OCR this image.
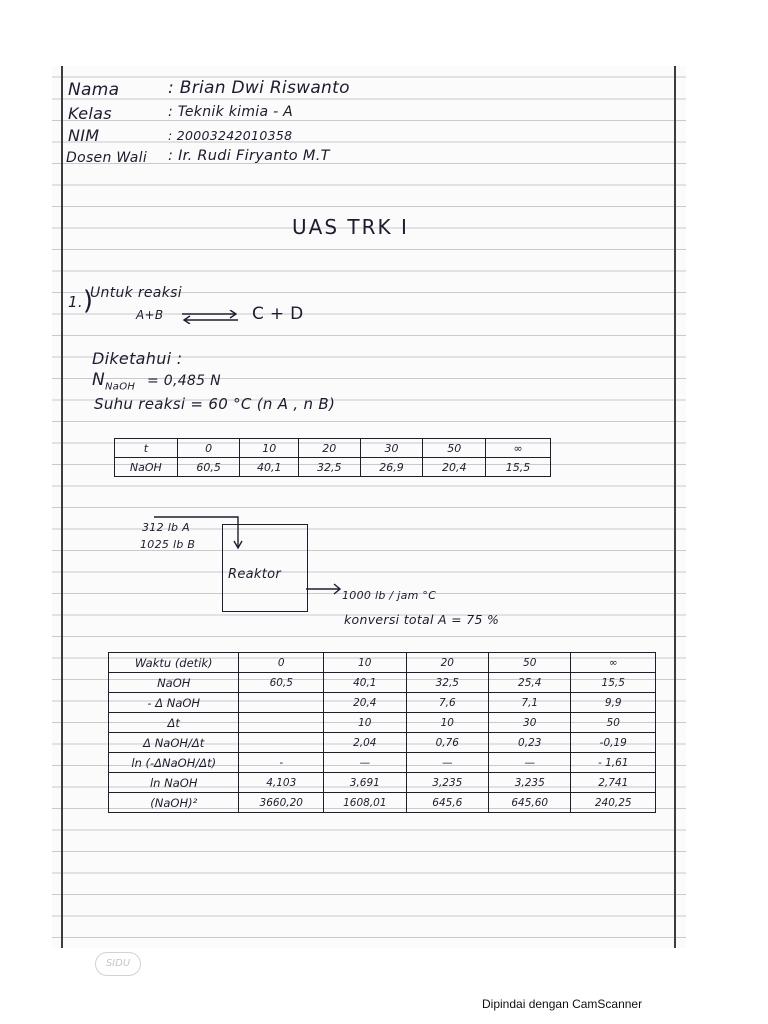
Nama	: Brian Dwi Riswanto
Kelas	: Teknik kimia - A
NIM	: 20003242010358
Dosen Wali : Ir. Rudi Firyanto M.T
UAS TRK I
1.)
Untuk reaksi
A+B ⇌ C + D
Diketahui :
$N_{NaOH} = 0,485$ N
Suhu reaksi = 60 °C (n A , n B)
t	0	10	20	30	50	∞
NaOH	60,5	40,1	32,5	26,9	20,4	15,5
312 lb A
1025 lb B
Reaktor
1000 lb / jam °C
konversi total A = 75 %
Waktu (detik)	0	10	20	50	∞
NaOH	60,5	40,1	32,5	25,4	15,5
- Δ NaOH		20,4	7,6	7,1	9,9
Δt		10	10	30	50
Δ NaOH/Δt		2,04	0,76	0,23	-0,19
ln (-ΔNaOH/Δt)	-	—	—	—	- 1,61
ln NaOH	4,103	3,691	3,235	3,235	2,741
(NaOH)²	3660,20	1608,01	645,6	645,60	240,25
SIDU
Dipindai dengan CamScanner
